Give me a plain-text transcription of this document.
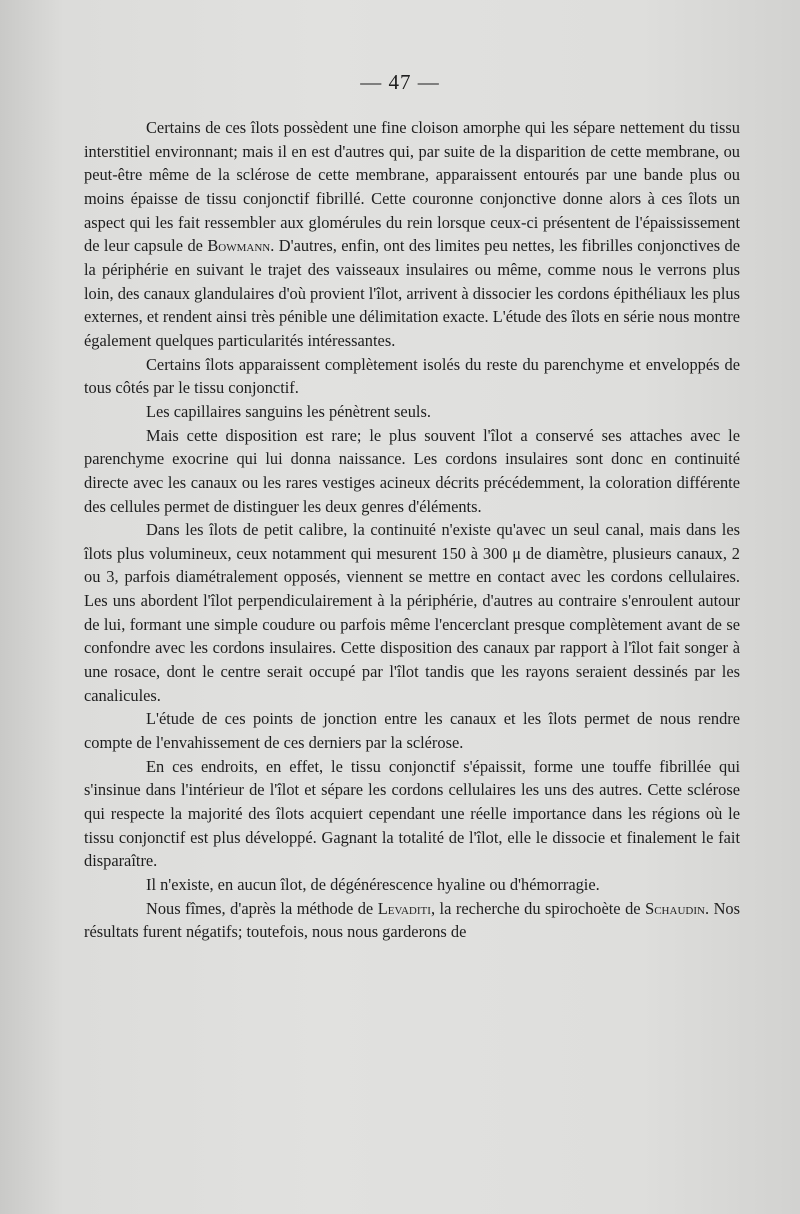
— 47 —

Certains de ces îlots possèdent une fine cloison amorphe qui les sépare nettement du tissu interstitiel environnant; mais il en est d'autres qui, par suite de la disparition de cette membrane, ou peut-être même de la sclérose de cette membrane, apparaissent entourés par une bande plus ou moins épaisse de tissu conjonctif fibrillé. Cette couronne conjonctive donne alors à ces îlots un aspect qui les fait ressembler aux glomérules du rein lorsque ceux-ci présentent de l'épaississement de leur capsule de Bowmann. D'autres, enfin, ont des limites peu nettes, les fibrilles conjonctives de la périphérie en suivant le trajet des vaisseaux insulaires ou même, comme nous le verrons plus loin, des canaux glandulaires d'où provient l'îlot, arrivent à dissocier les cordons épithéliaux les plus externes, et rendent ainsi très pénible une délimitation exacte. L'étude des îlots en série nous montre également quelques particularités intéressantes.

Certains îlots apparaissent complètement isolés du reste du parenchyme et enveloppés de tous côtés par le tissu conjonctif.

Les capillaires sanguins les pénètrent seuls.

Mais cette disposition est rare; le plus souvent l'îlot a conservé ses attaches avec le parenchyme exocrine qui lui donna naissance. Les cordons insulaires sont donc en continuité directe avec les canaux ou les rares vestiges acineux décrits précédemment, la coloration différente des cellules permet de distinguer les deux genres d'éléments.

Dans les îlots de petit calibre, la continuité n'existe qu'avec un seul canal, mais dans les îlots plus volumineux, ceux notamment qui mesurent 150 à 300 μ de diamètre, plusieurs canaux, 2 ou 3, parfois diamétralement opposés, viennent se mettre en contact avec les cordons cellulaires. Les uns abordent l'îlot perpendiculairement à la périphérie, d'autres au contraire s'enroulent autour de lui, formant une simple coudure ou parfois même l'encerclant presque complètement avant de se confondre avec les cordons insulaires. Cette disposition des canaux par rapport à l'îlot fait songer à une rosace, dont le centre serait occupé par l'îlot tandis que les rayons seraient dessinés par les canalicules.

L'étude de ces points de jonction entre les canaux et les îlots permet de nous rendre compte de l'envahissement de ces derniers par la sclérose.

En ces endroits, en effet, le tissu conjonctif s'épaissit, forme une touffe fibrillée qui s'insinue dans l'intérieur de l'îlot et sépare les cordons cellulaires les uns des autres. Cette sclérose qui respecte la majorité des îlots acquiert cependant une réelle importance dans les régions où le tissu conjonctif est plus développé. Gagnant la totalité de l'îlot, elle le dissocie et finalement le fait disparaître.

Il n'existe, en aucun îlot, de dégénérescence hyaline ou d'hémorragie.

Nous fîmes, d'après la méthode de Levaditi, la recherche du spirochoète de Schaudin. Nos résultats furent négatifs; toutefois, nous nous garderons de
